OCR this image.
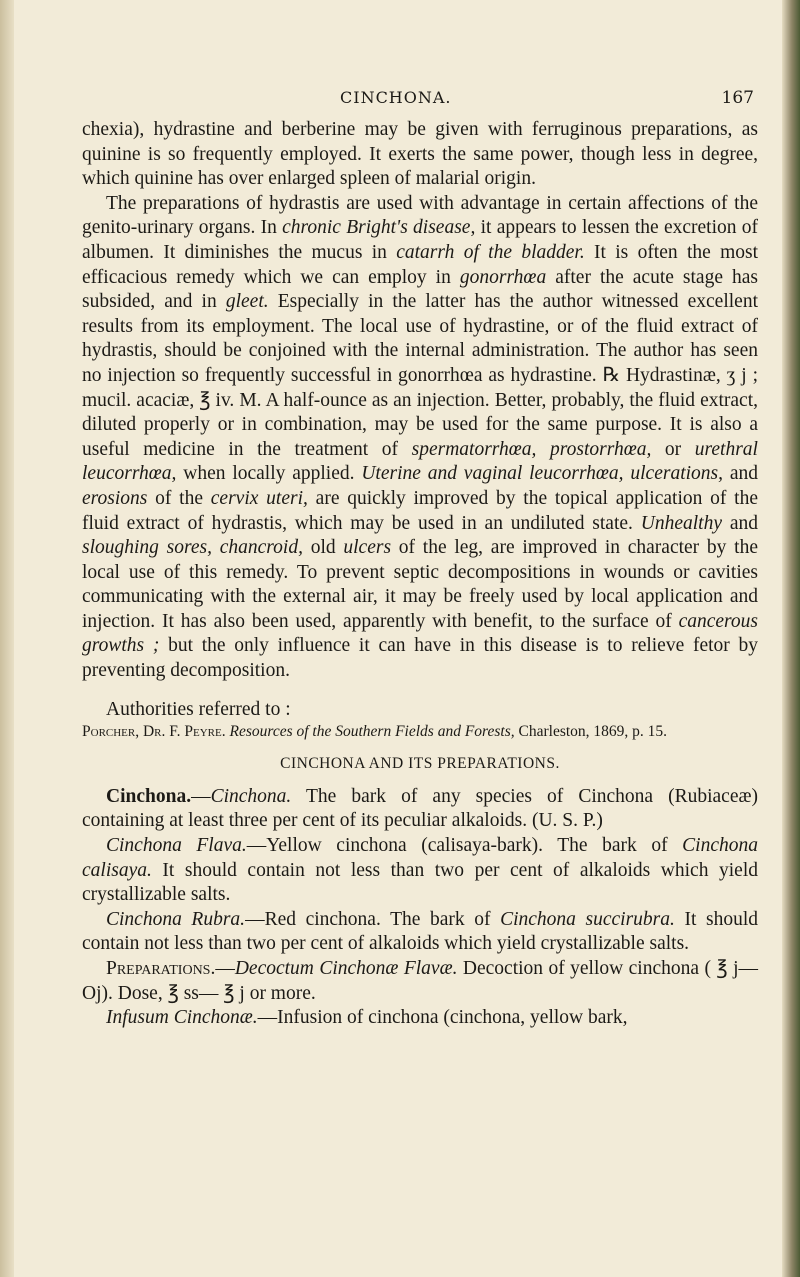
CINCHONA.	167

chexia), hydrastine and berberine may be given with ferruginous preparations, as quinine is so frequently employed. It exerts the same power, though less in degree, which quinine has over enlarged spleen of malarial origin.

The preparations of hydrastis are used with advantage in certain affections of the genito-urinary organs. In chronic Bright's disease, it appears to lessen the excretion of albumen. It diminishes the mucus in catarrh of the bladder. It is often the most efficacious remedy which we can employ in gonorrhœa after the acute stage has subsided, and in gleet. Especially in the latter has the author witnessed excellent results from its employment. The local use of hydrastine, or of the fluid extract of hydrastis, should be conjoined with the internal administration. The author has seen no injection so frequently successful in gonorrhœa as hydrastine. ℞ Hydrastinæ, ʒ j ; mucil. acaciæ, ℥ iv. M. A half-ounce as an injection. Better, probably, the fluid extract, diluted properly or in combination, may be used for the same purpose. It is also a useful medicine in the treatment of spermatorrhœa, prostorrhœa, or urethral leucorrhœa, when locally applied. Uterine and vaginal leucorrhœa, ulcerations, and erosions of the cervix uteri, are quickly improved by the topical application of the fluid extract of hydrastis, which may be used in an undiluted state. Unhealthy and sloughing sores, chancroid, old ulcers of the leg, are improved in character by the local use of this remedy. To prevent septic decompositions in wounds or cavities communicating with the external air, it may be freely used by local application and injection. It has also been used, apparently with benefit, to the surface of cancerous growths ; but the only influence it can have in this disease is to relieve fetor by preventing decomposition.

Authorities referred to :

Porcher, Dr. F. Peyre. Resources of the Southern Fields and Forests, Charleston, 1869, p. 15.

CINCHONA AND ITS PREPARATIONS.

Cinchona.—Cinchona. The bark of any species of Cinchona (Rubiaceæ) containing at least three per cent of its peculiar alkaloids. (U. S. P.)

Cinchona Flava.—Yellow cinchona (calisaya-bark). The bark of Cinchona calisaya. It should contain not less than two per cent of alkaloids which yield crystallizable salts.

Cinchona Rubra.—Red cinchona. The bark of Cinchona succirubra. It should contain not less than two per cent of alkaloids which yield crystallizable salts.

Preparations.—Decoctum Cinchonæ Flavæ. Decoction of yellow cinchona ( ℥ j—Oj). Dose, ℥ ss— ℥ j or more.

Infusum Cinchonæ.—Infusion of cinchona (cinchona, yellow bark,
